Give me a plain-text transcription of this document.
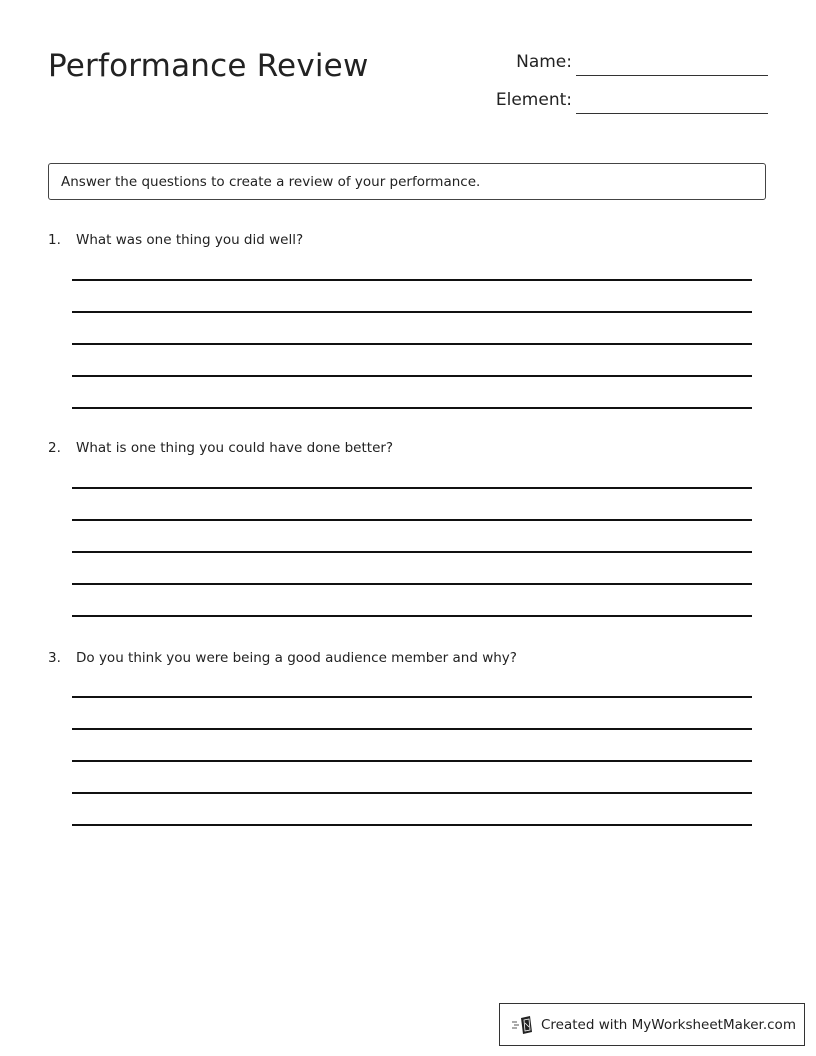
Performance Review	Name:
Element:
Answer the questions to create a review of your performance.
1. What was one thing you did well?
2. What is one thing you could have done better?
3. Do you think you were being a good audience member and why?
Created with MyWorksheetMaker.com
